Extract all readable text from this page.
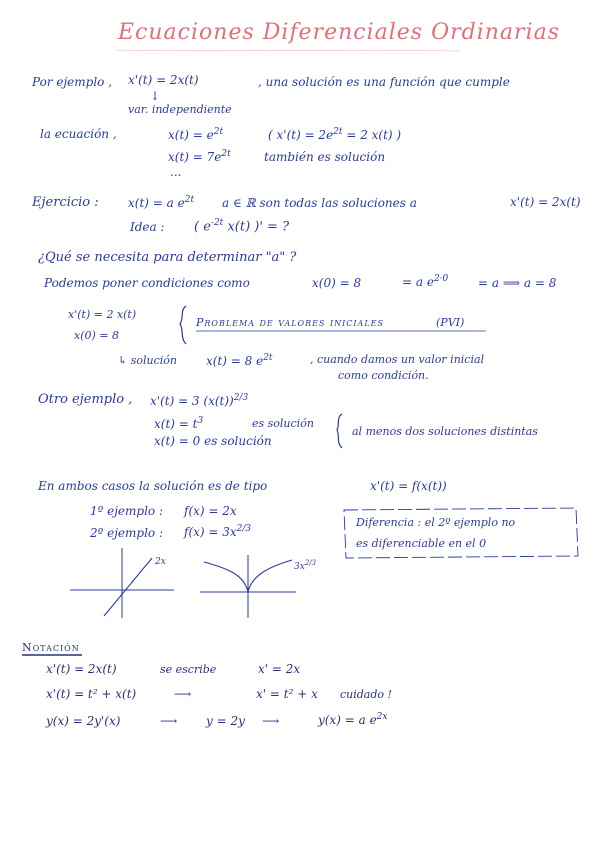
Ecuaciones Diferenciales Ordinarias
Por ejemplo , x'(t) = 2x(t)	, una solución es una función que cumple
↓
var. independiente
la ecuación ,	$x(t) = e^{2t}$	( $x'(t) = 2e^{2t} = 2$ x(t) )
$x(t) = 7e^{2t}$	también es solución
...
Ejercicio : x(t) = a $e^{2t}$ a ∈ ℝ son todas las soluciones a	x'(t) = 2x(t)
Idea : ( $e^{-2t}$ x(t) )' = ?
¿Qué se necesita para determinar "a" ?
Podemos poner condiciones como	x(0) = 8	= a $e^{2\cdot 0} = a$ ⟹ a = 8
x'(t) = 2 x(t)
x(0) = 8
Problema de valores iniciales	(PVI)
↳ solución x(t) = 8 $e^{2t}$	, cuando damos un valor inicial
como condición.
Otro ejemplo , x'(t) = 3 $(x(t))^{2/3}$
$x(t) = t^3$	es solución
x(t) = 0 es solución
al menos dos soluciones distintas
En ambos casos la solución es de tipo	x'(t) = f(x(t))
1º ejemplo : f(x) = 2x
2º ejemplo : $f(x) = 3x^{2/3}$	Diferencia : el 2º ejemplo no
es diferenciable en el 0
2x	$3x^{2/3}$
Notación
x'(t) = 2x(t)	se escribe	x' = 2x
x'(t) = t² + x(t)	⟶	x' = t² + x cuidado !
y(x) = 2y'(x)	⟶ y = 2y ⟶	y(x) = a $e^{2x}$
